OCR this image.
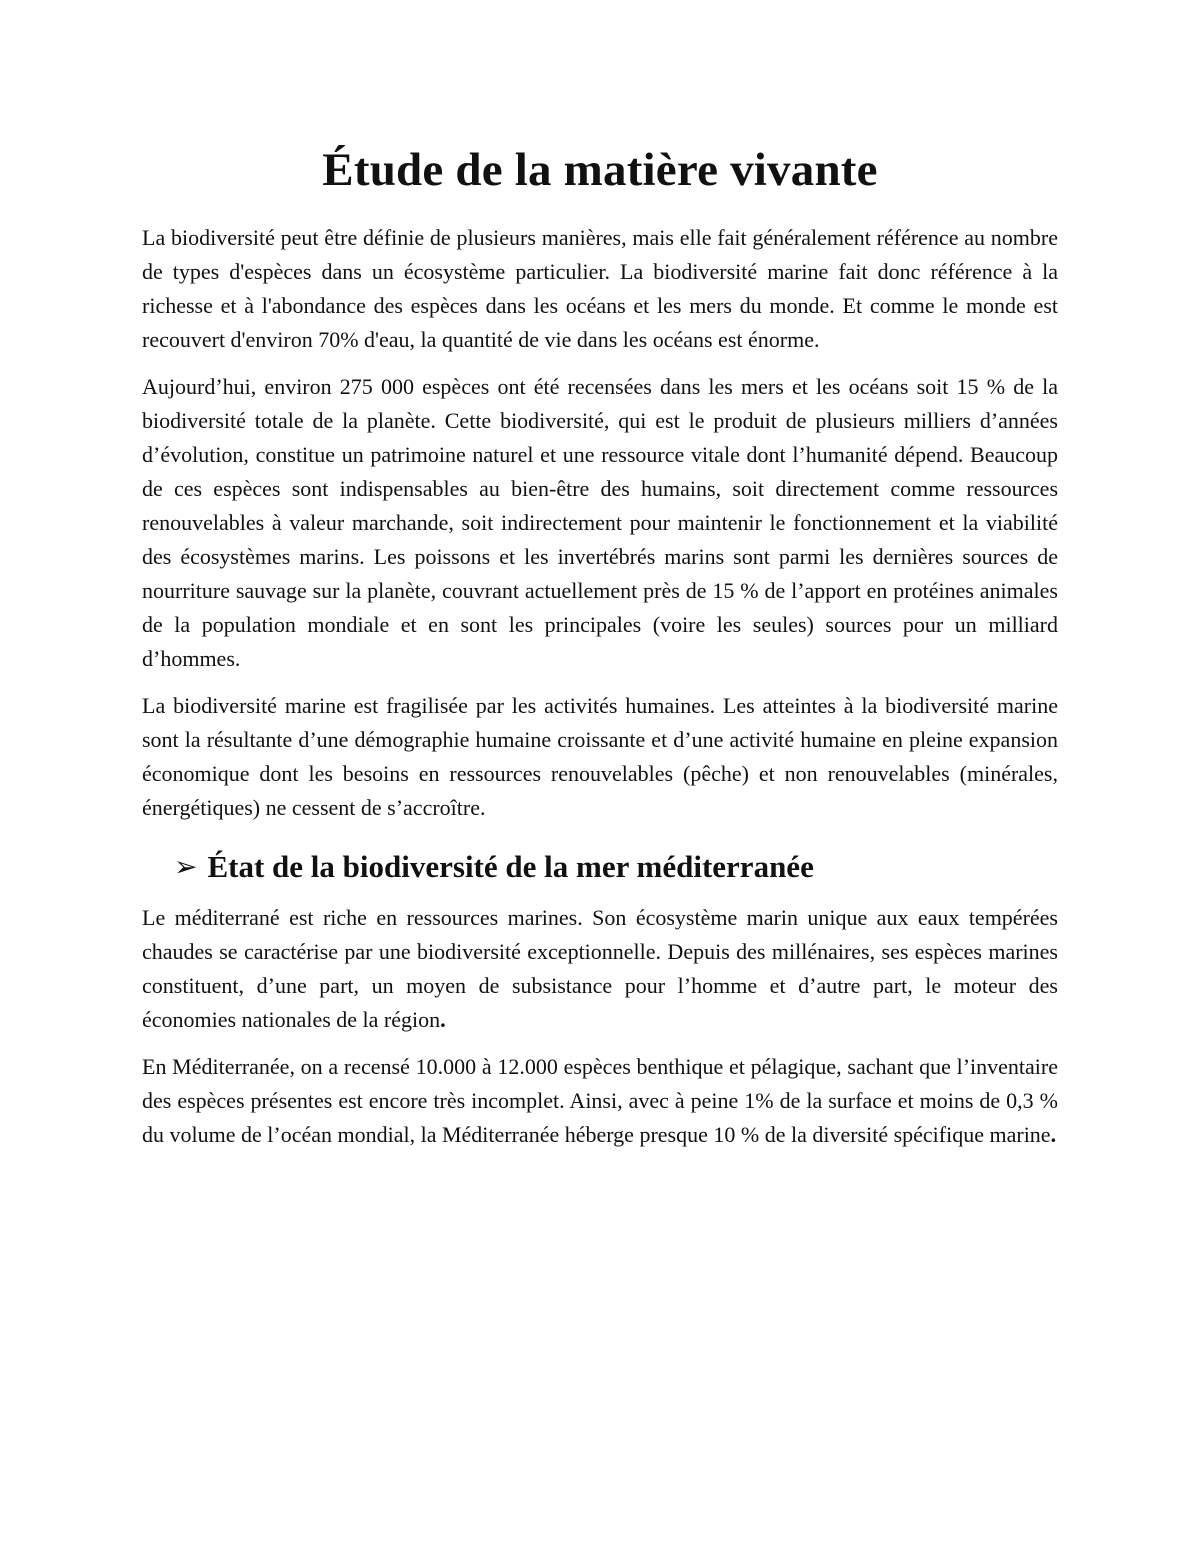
Étude de la matière vivante

La biodiversité peut être définie de plusieurs manières, mais elle fait généralement référence au nombre de types d'espèces dans un écosystème particulier. La biodiversité marine fait donc référence à la richesse et à l'abondance des espèces dans les océans et les mers du monde. Et comme le monde est recouvert d'environ 70% d'eau, la quantité de vie dans les océans est énorme.

Aujourd’hui, environ 275 000 espèces ont été recensées dans les mers et les océans soit 15 % de la biodiversité totale de la planète. Cette biodiversité, qui est le produit de plusieurs milliers d’années d’évolution, constitue un patrimoine naturel et une ressource vitale dont l’humanité dépend. Beaucoup de ces espèces sont indispensables au bien-être des humains, soit directement comme ressources renouvelables à valeur marchande, soit indirectement pour maintenir le fonctionnement et la viabilité des écosystèmes marins. Les poissons et les invertébrés marins sont parmi les dernières sources de nourriture sauvage sur la planète, couvrant actuellement près de 15 % de l’apport en protéines animales de la population mondiale et en sont les principales (voire les seules) sources pour un milliard d’hommes.

La biodiversité marine est fragilisée par les activités humaines. Les atteintes à la biodiversité marine sont la résultante d’une démographie humaine croissante et d’une activité humaine en pleine expansion économique dont les besoins en ressources renouvelables (pêche) et non renouvelables (minérales, énergétiques) ne cessent de s’accroître.

➢ État de la biodiversité de la mer méditerranée

Le méditerrané est riche en ressources marines. Son écosystème marin unique aux eaux tempérées chaudes se caractérise par une biodiversité exceptionnelle. Depuis des millénaires, ses espèces marines constituent, d’une part, un moyen de subsistance pour l’homme et d’autre part, le moteur des économies nationales de la région.

En Méditerranée, on a recensé 10.000 à 12.000 espèces benthique et pélagique, sachant que l’inventaire des espèces présentes est encore très incomplet. Ainsi, avec à peine 1% de la surface et moins de 0,3 % du volume de l’océan mondial, la Méditerranée héberge presque 10 % de la diversité spécifique marine.
